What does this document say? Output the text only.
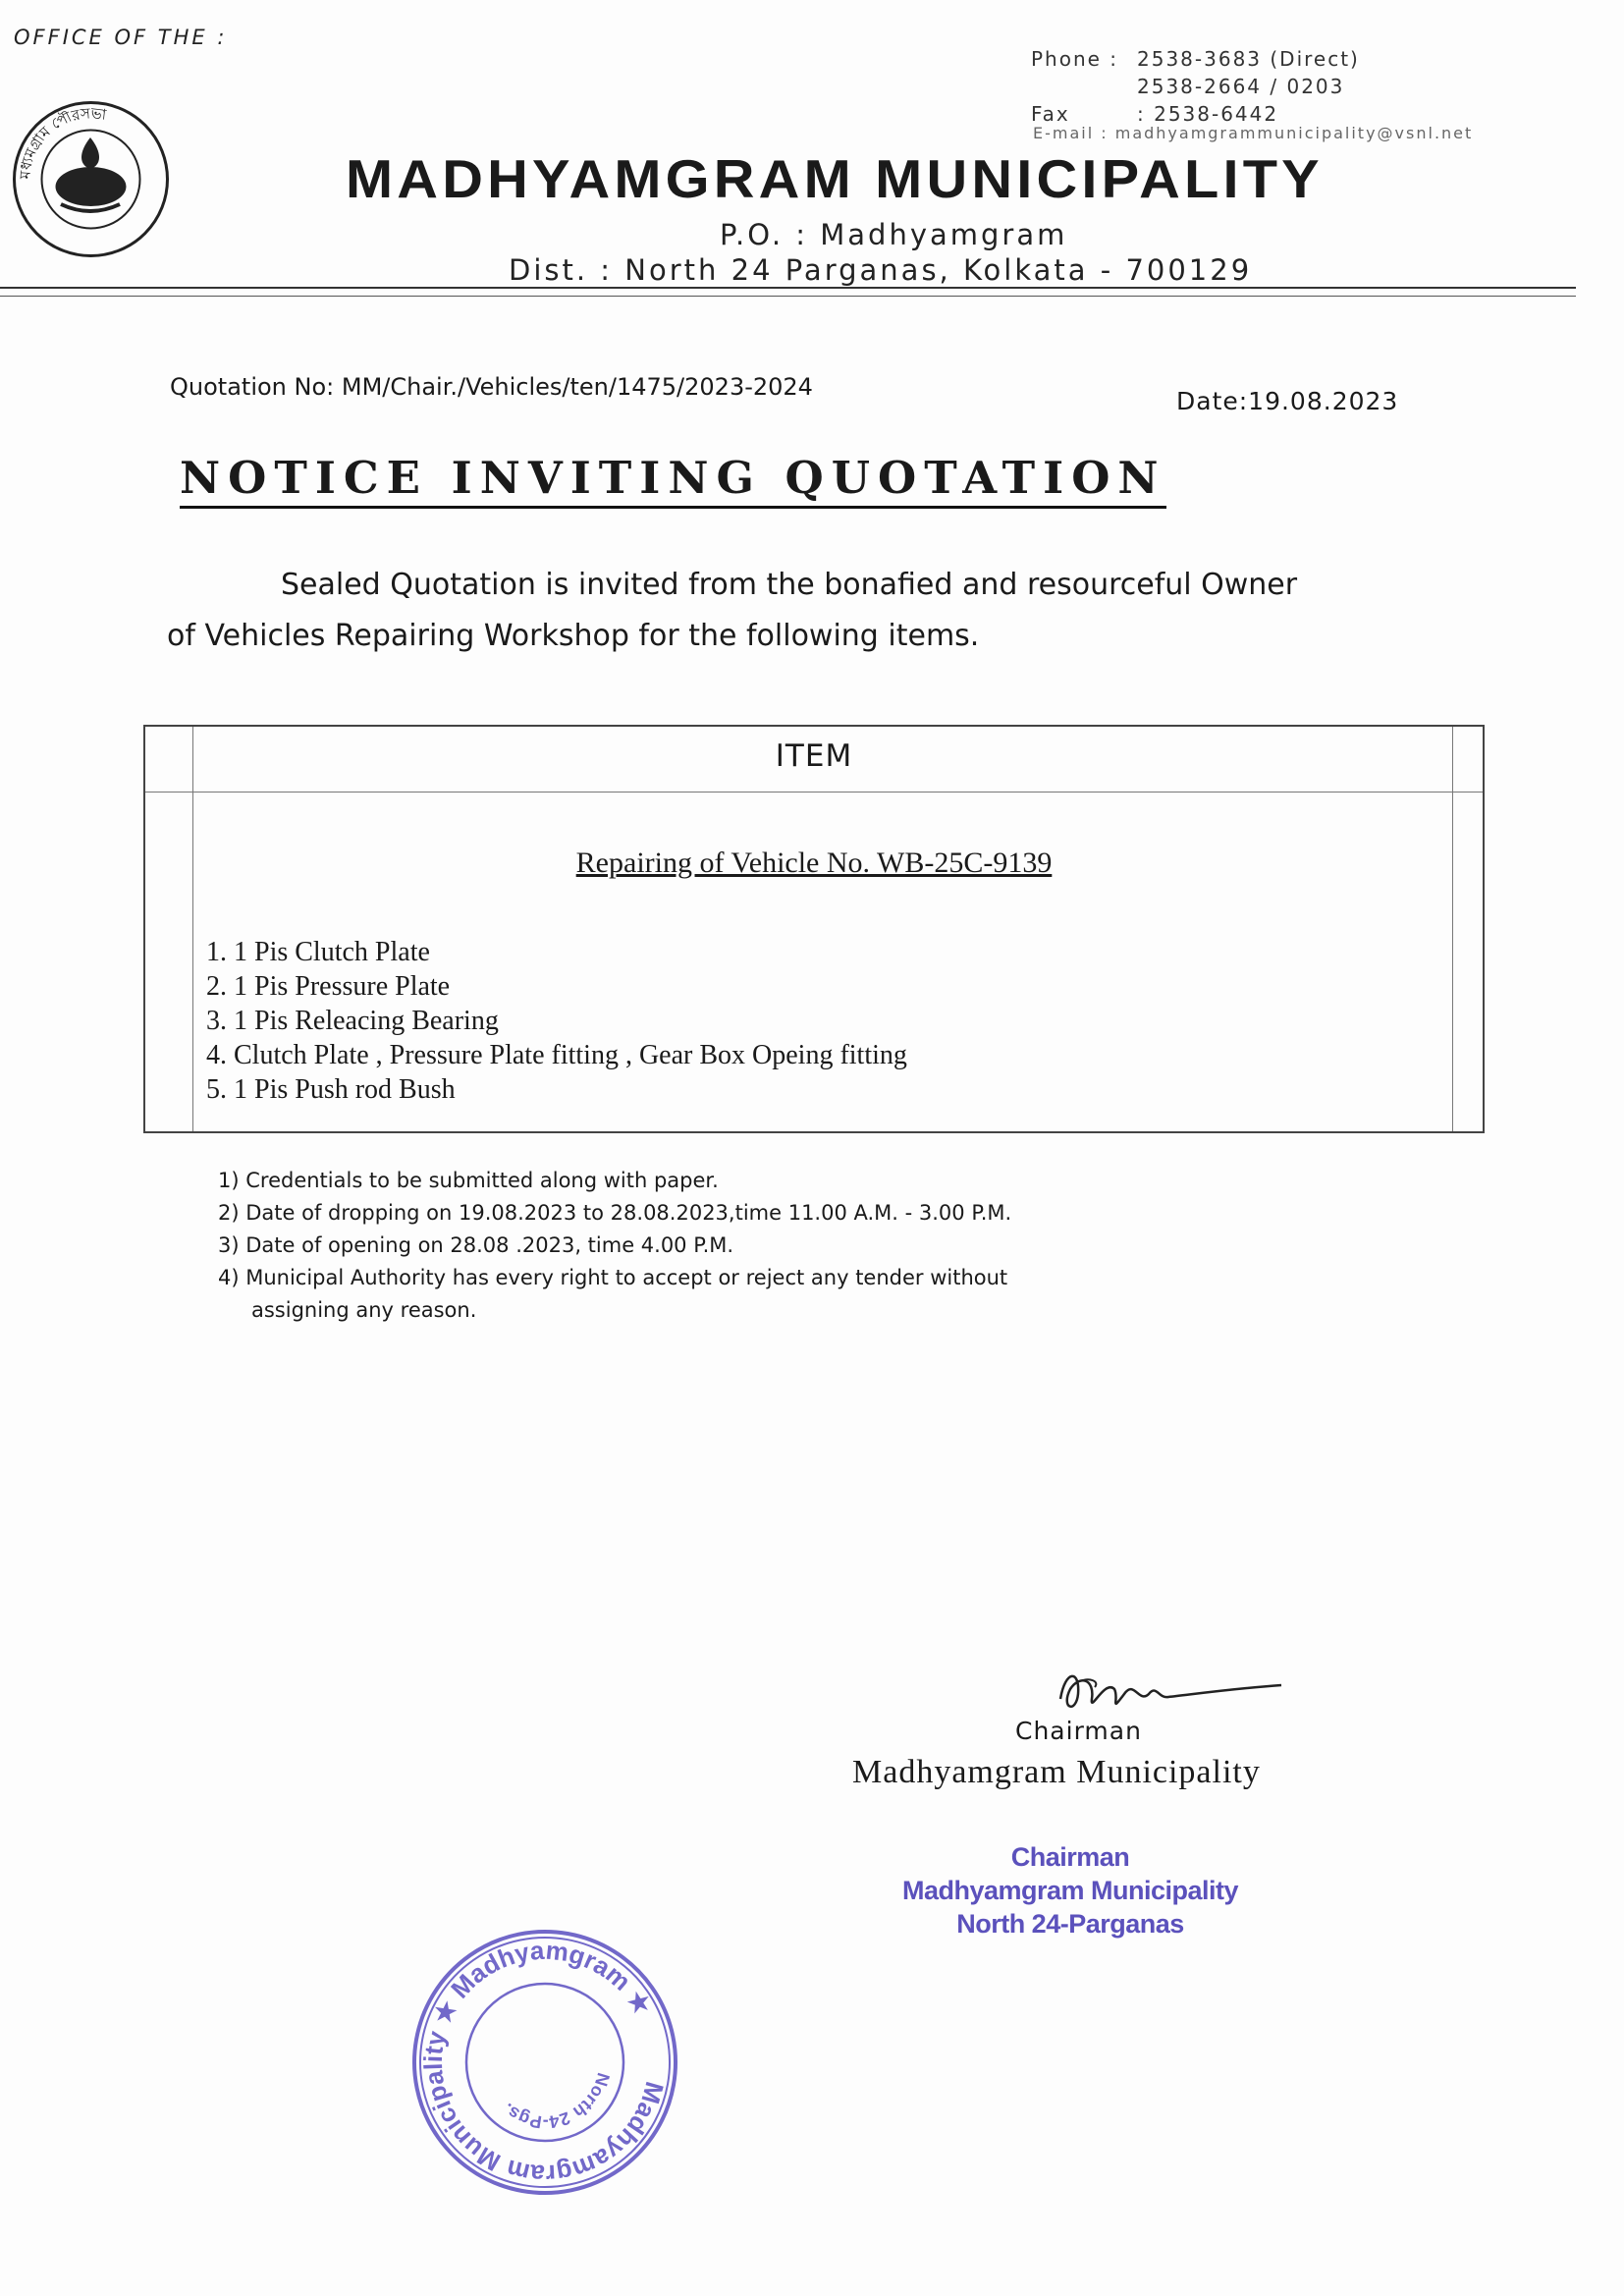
OFFICE OF THE :
মধ্যমগ্রাম পৌরসভা
Phone : 2538-3683 (Direct)
2538-2664 / 0203
Fax	: 2538-6442
E-mail : madhyamgrammunicipality@vsnl.net
MADHYAMGRAM MUNICIPALITY
P.O. : Madhyamgram
Dist. : North 24 Parganas, Kolkata - 700129
Quotation No: MM/Chair./Vehicles/ten/1475/2023-2024	Date:19.08.2023
NOTICE INVITING QUOTATION
Sealed Quotation is invited from the bonafied and resourceful Owner
of Vehicles Repairing Workshop for the following items.
ITEM
Repairing of Vehicle No. WB-25C-9139
1. 1 Pis Clutch Plate
2. 1 Pis Pressure Plate
3. 1 Pis Releacing Bearing
4. Clutch Plate , Pressure Plate fitting , Gear Box Opeing fitting
5. 1 Pis Push rod Bush
1) Credentials to be submitted along with paper.
2) Date of dropping on 19.08.2023 to 28.08.2023,time 11.00 A.M. - 3.00 P.M.
3) Date of opening on 28.08 .2023, time 4.00 P.M.
4) Municipal Authority has every right to accept or reject any tender without
assigning any reason.
Chairman
Madhyamgram Municipality
Chairman
Madhyamgram Municipality
North 24-Parganas
Madhyamgram Municipality ★ Madhyamgram ★
North 24-Pgs.
